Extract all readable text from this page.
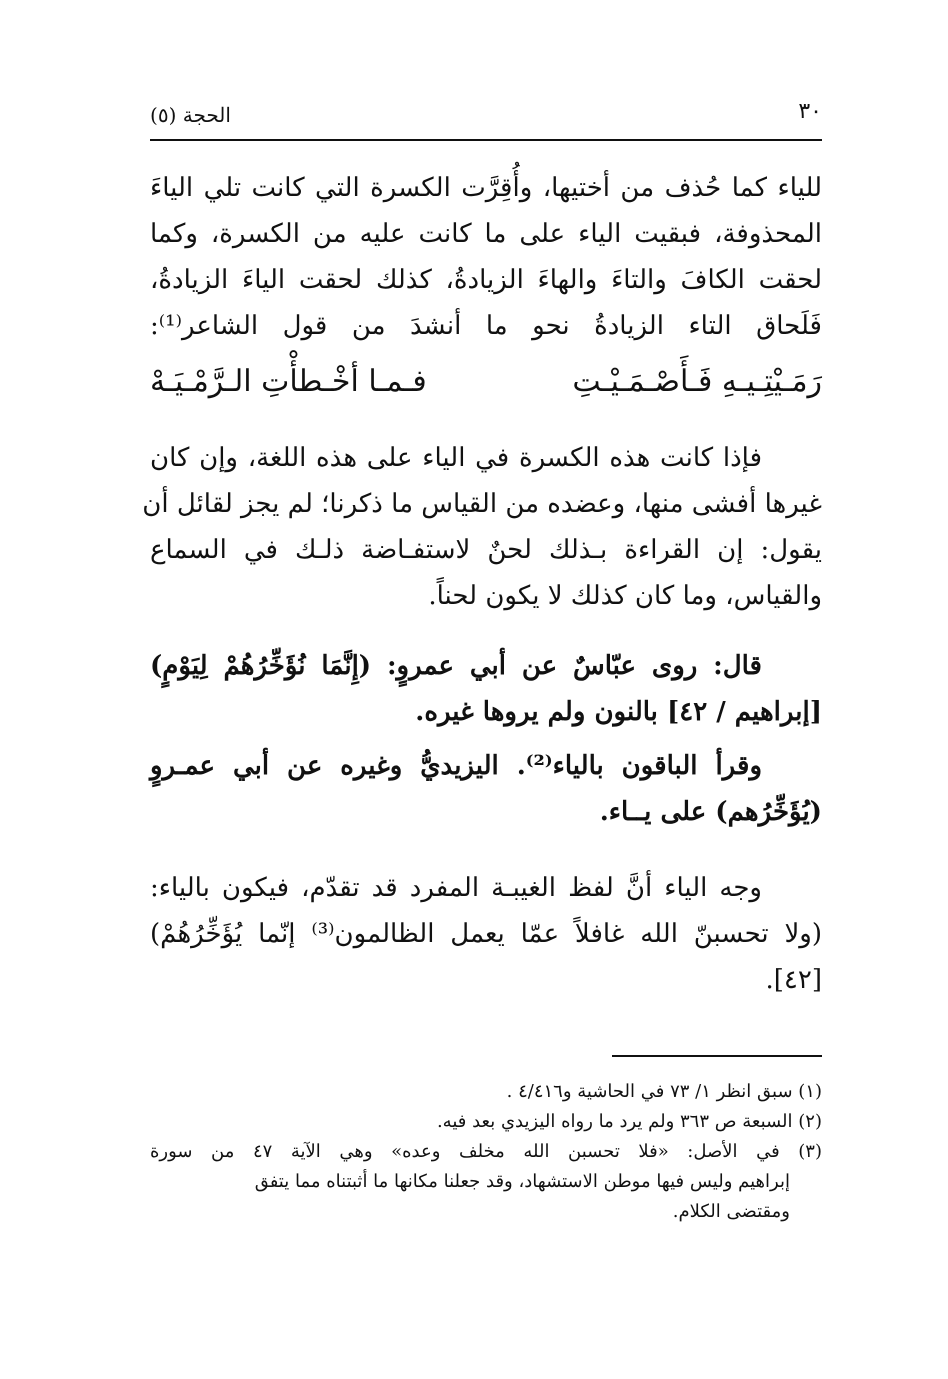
٣٠
الحجة (٥)
للياء كما حُذف من أختيها، وأُقِرَّت الكسرة التي كانت تلي الياءَ
المحذوفة، فبقيت الياء على ما كانت عليه من الكسرة، وكما
لحقت الكافَ والتاءَ والهاءَ الزيادةُ، كذلك لحقت الياءَ الزيادةُ،
فَلَحاق التاء الزيادةُ نحو ما أنشدَ من قول الشاعر⁽¹⁾:
رَمَـيْتِـيـهِ فَـأَصْـمَـيْـتِ
فـمـا أخْـطأْتِ الـرَّمْـيَـهْ
فإذا كانت هذه الكسرة في الياء على هذه اللغة، وإن كان
غيرها أفشى منها، وعضده من القياس ما ذكرنا؛ لم يجز لقائل أن
يقول: إن القراءة بـذلك لحنٌ لاستفـاضة ذلـك في السماع
والقياس، وما كان كذلك لا يكون لحناً.
قال: روى عبّاسٌ عن أبي عمروٍ: (إِنَّمَا نُؤَخِّرُهُمْ لِيَوْمٍ)
[إبراهيم / ٤٢] بالنون ولم يروها غيره.
وقرأ الباقون بالياء⁽²⁾. اليزيديُّ وغيره عن أبي عمـروٍ
(يُؤَخِّرُهم) على يــاء.
وجه الياء أنَّ لفظ الغيبـة المفرد قد تقدّم، فيكون بالياء:
(ولا تحسبنّ الله غافلاً عمّا يعمل الظالمون⁽³⁾ إنّما يُؤَخِّرُهُمْ)
[٤٢].
(١) سبق انظر ١/ ٧٣ في الحاشية و٤/٤١٦ .
(٢) السبعة ص ٣٦٣ ولم يرد ما رواه اليزيدي بعد فيه.
(٣) في الأصل: «فلا تحسبن الله مخلف وعده» وهي الآية ٤٧ من سورة
إبراهيم وليس فيها موطن الاستشهاد، وقد جعلنا مكانها ما أثبتناه مما يتفق
ومقتضى الكلام.
